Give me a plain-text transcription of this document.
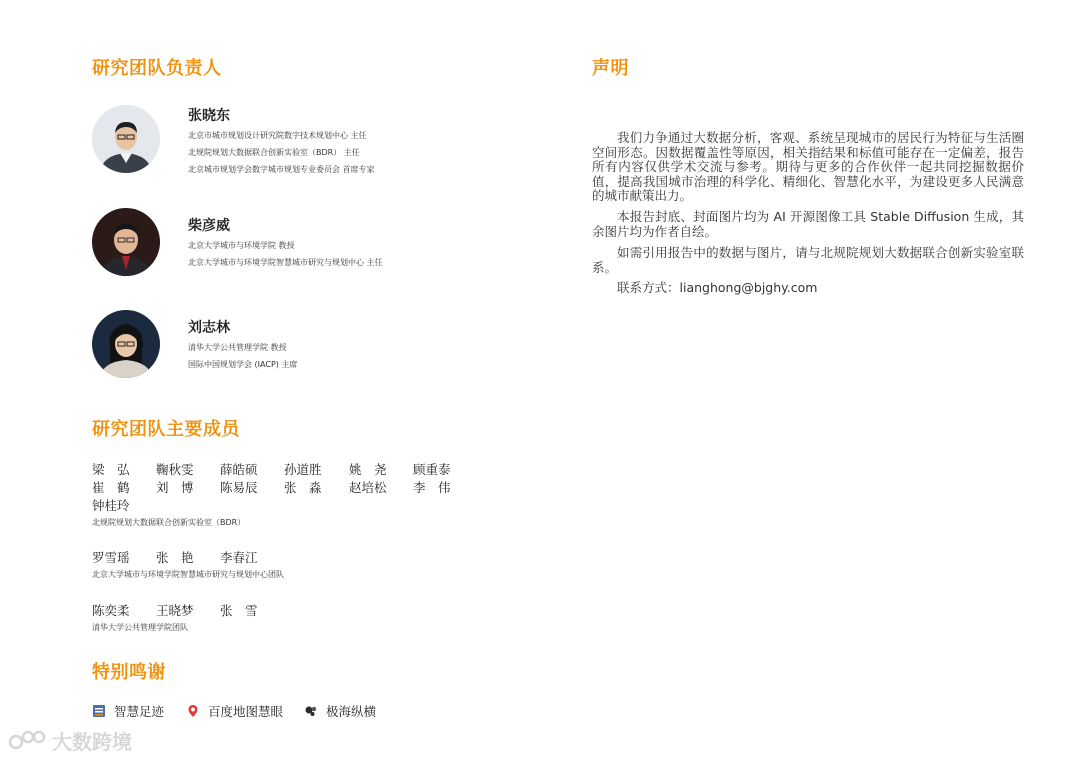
研究团队负责人
张晓东
北京市城市规划设计研究院数字技术规划中心 主任
北规院规划大数据联合创新实验室（BDR） 主任
北京城市规划学会数字城市规划专业委员会 首席专家
柴彦威
北京大学城市与环境学院 教授
北京大学城市与环境学院智慧城市研究与规划中心 主任
刘志林
清华大学公共管理学院 教授
国际中国规划学会 (IACP) 主席
研究团队主要成员
梁　弘 鞠秋雯 薛皓硕 孙道胜 姚　尧 顾重泰
崔　鹤 刘　博 陈易辰 张　淼 赵培松 李　伟
钟桂玲
北规院规划大数据联合创新实验室（BDR）
罗雪瑶 张　艳 李春江
北京大学城市与环境学院智慧城市研究与规划中心团队
陈奕柔 王晓梦 张　雪
清华大学公共管理学院团队
特别鸣谢
智慧足迹	百度地图慧眼	极海纵横
声明

我们力争通过大数据分析，客观、系统呈现城市的居民行为特征与生活圈空间形态。因数据覆盖性等原因，相关指结果和标值可能存在一定偏差，报告所有内容仅供学术交流与参考。期待与更多的合作伙伴一起共同挖掘数据价值，提高我国城市治理的科学化、精细化、智慧化水平，为建设更多人民满意的城市献策出力。

本报告封底、封面图片均为 AI 开源图像工具 Stable Diffusion 生成，其余图片均为作者自绘。

如需引用报告中的数据与图片，请与北规院规划大数据联合创新实验室联系。

联系方式：lianghong@bjghy.com

大数跨境
